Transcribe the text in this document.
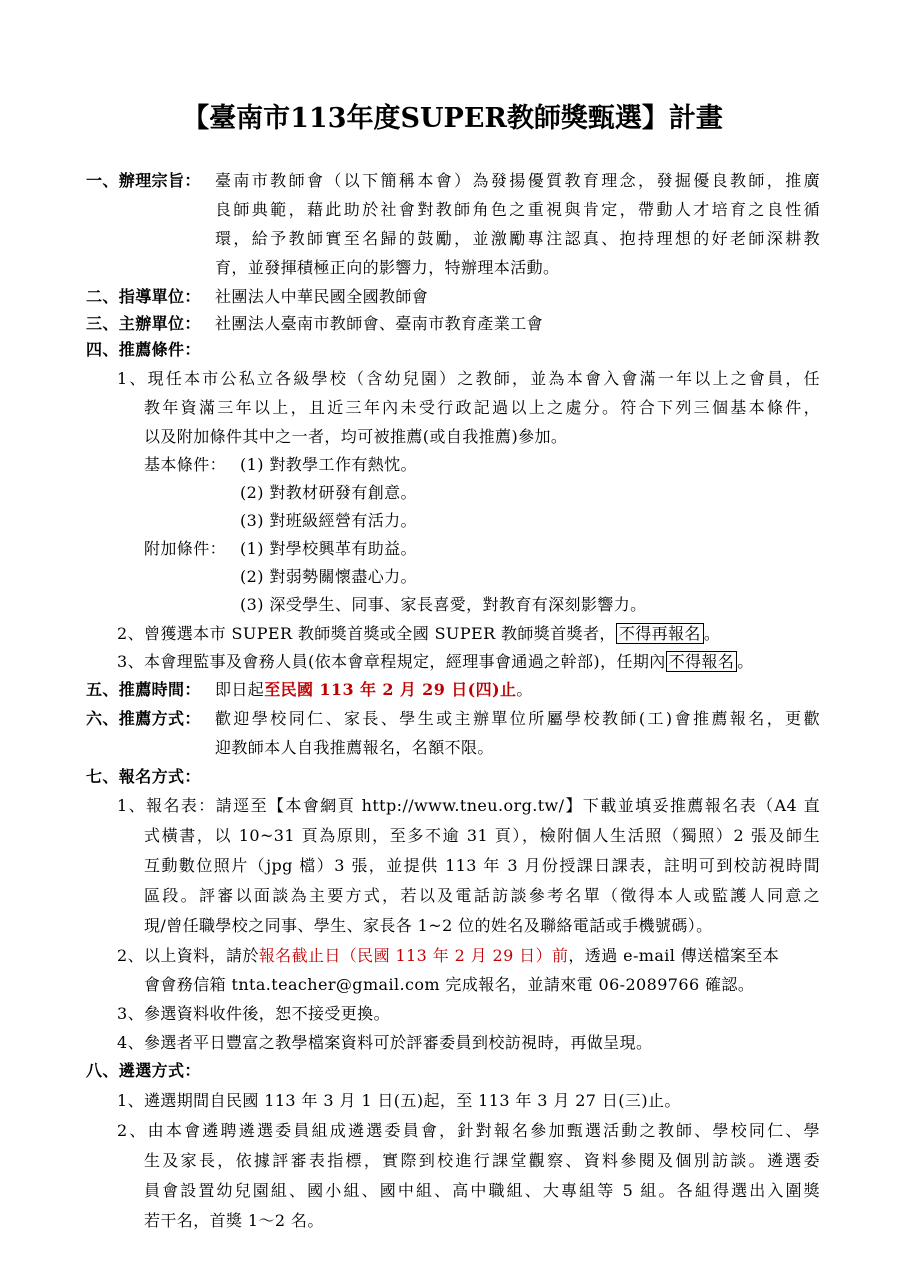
【臺南市113年度SUPER教師獎甄選】計畫
一、辦理宗旨： 臺南市教師會（以下簡稱本會）為發揚優質教育理念，發掘優良教師，推廣
良師典範，藉此助於社會對教師角色之重視與肯定，帶動人才培育之良性循
環，給予教師實至名歸的鼓勵，並激勵專注認真、抱持理想的好老師深耕教
育，並發揮積極正向的影響力，特辦理本活動。
二、指導單位： 社團法人中華民國全國教師會
三、主辦單位： 社團法人臺南市教師會、臺南市教育產業工會
四、推薦條件：
1、現任本市公私立各級學校（含幼兒園）之教師，並為本會入會滿一年以上之會員，任
教年資滿三年以上，且近三年內未受行政記過以上之處分。符合下列三個基本條件，
以及附加條件其中之一者，均可被推薦(或自我推薦)參加。
基本條件： (1) 對教學工作有熱忱。
(2) 對教材研發有創意。
(3) 對班級經營有活力。
附加條件： (1) 對學校興革有助益。
(2) 對弱勢關懷盡心力。
(3) 深受學生、同事、家長喜愛，對教育有深刻影響力。
2、曾獲選本市 SUPER 教師獎首獎或全國 SUPER 教師獎首獎者， 不得再報名 。
3、本會理監事及會務人員(依本會章程規定，經理事會通過之幹部)，任期內 不得報名 。
五、推薦時間： 即日起至民國 113 年 2 月 29 日(四)止。
六、推薦方式： 歡迎學校同仁、家長、學生或主辦單位所屬學校教師(工)會推薦報名，更歡
迎教師本人自我推薦報名，名額不限。
七、報名方式：
1、報名表：請逕至【本會網頁 http://www.tneu.org.tw/】下載並填妥推薦報名表（A4 直
式橫書，以 10~31 頁為原則，至多不逾 31 頁），檢附個人生活照（獨照）2 張及師生
互動數位照片（jpg 檔）3 張，並提供 113 年 3 月份授課日課表，註明可到校訪視時間
區段。評審以面談為主要方式，若以及電話訪談參考名單（徵得本人或監護人同意之
現/曾任職學校之同事、學生、家長各 1~2 位的姓名及聯絡電話或手機號碼）。
2、以上資料，請於報名截止日（民國 113 年 2 月 29 日）前，透過 e-mail 傳送檔案至本
會會務信箱 tnta.teacher@gmail.com 完成報名，並請來電 06-2089766 確認。
3、參選資料收件後，恕不接受更換。
4、參選者平日豐富之教學檔案資料可於評審委員到校訪視時，再做呈現。
八、遴選方式：
1、遴選期間自民國 113 年 3 月 1 日(五)起，至 113 年 3 月 27 日(三)止。
2、由本會遴聘遴選委員組成遴選委員會，針對報名參加甄選活動之教師、學校同仁、學
生及家長，依據評審表指標，實際到校進行課堂觀察、資料參閱及個別訪談。遴選委
員會設置幼兒園組、國小組、國中組、高中職組、大專組等 5 組。各組得選出入圍獎
若干名，首獎 1～2 名。
